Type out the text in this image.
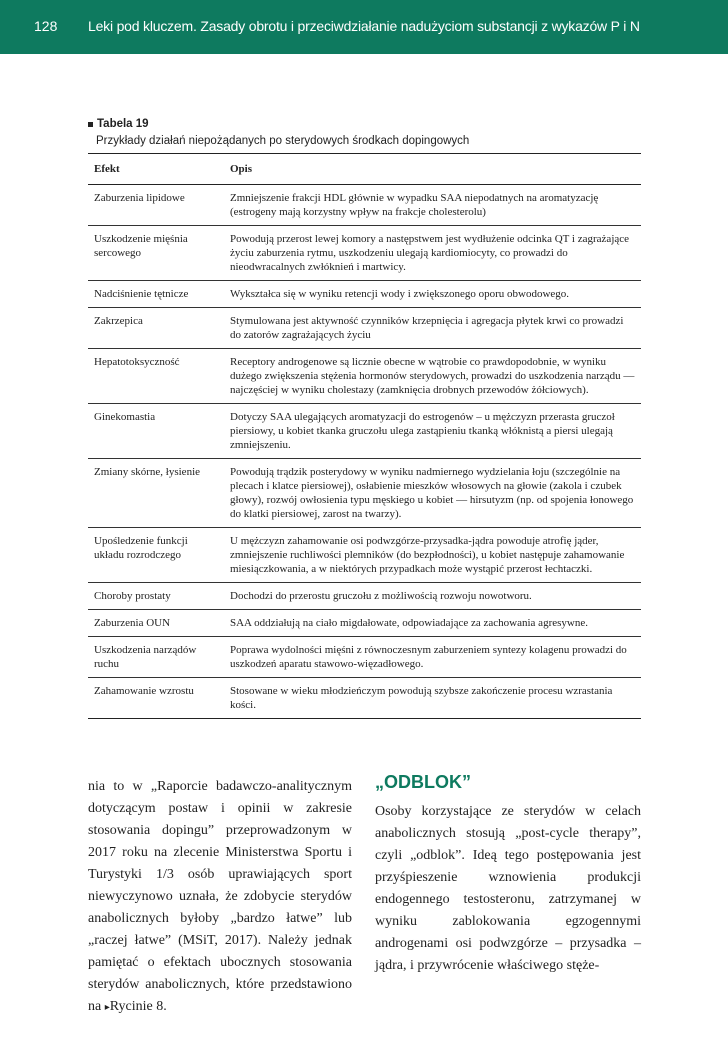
128 Leki pod kluczem. Zasady obrotu i przeciwdziałanie nadużyciom substancji z wykazów P i N
Tabela 19
Przykłady działań niepożądanych po sterydowych środkach dopingowych
Efekt	Opis
Zaburzenia lipidowe	Zmniejszenie frakcji HDL głównie w wypadku SAA niepodatnych na aromatyzację (estrogeny mają korzystny wpływ na frakcje cholesterolu)
Uszkodzenie mięśnia sercowego	Powodują przerost lewej komory a następstwem jest wydłużenie odcinka QT i zagrażające życiu zaburzenia rytmu, uszkodzeniu ulegają kardiomiocyty, co prowadzi do nieodwracalnych zwłóknień i martwicy.
Nadciśnienie tętnicze	Wykształca się w wyniku retencji wody i zwiększonego oporu obwodowego.
Zakrzepica	Stymulowana jest aktywność czynników krzepnięcia i agregacja płytek krwi co prowadzi do zatorów zagrażających życiu
Hepatotoksyczność	Receptory androgenowe są licznie obecne w wątrobie co prawdopodobnie, w wyniku dużego zwiększenia stężenia hormonów sterydowych, prowadzi do uszkodzenia narządu — najczęściej w wyniku cholestazy (zamknięcia drobnych przewodów żółciowych).
Ginekomastia	Dotyczy SAA ulegających aromatyzacji do estrogenów – u mężczyzn przerasta gruczoł piersiowy, u kobiet tkanka gruczołu ulega zastąpieniu tkanką włóknistą a piersi ulegają zmniejszeniu.
Zmiany skórne, łysienie	Powodują trądzik posterydowy w wyniku nadmiernego wydzielania łoju (szczególnie na plecach i klatce piersiowej), osłabienie mieszków włosowych na głowie (zakola i czubek głowy), rozwój owłosienia typu męskiego u kobiet — hirsutyzm (np. od spojenia łonowego do klatki piersiowej, zarost na twarzy).
Upośledzenie funkcji układu rozrodczego	U mężczyzn zahamowanie osi podwzgórze-przysadka-jądra powoduje atrofię jąder, zmniejszenie ruchliwości plemników (do bezpłodności), u kobiet następuje zahamowanie miesiączkowania, a w niektórych przypadkach może wystąpić przerost łechtaczki.
Choroby prostaty	Dochodzi do przerostu gruczołu z możliwością rozwoju nowotworu.
Zaburzenia OUN	SAA oddziałują na ciało migdałowate, odpowiadające za zachowania agresywne.
Uszkodzenia narządów ruchu	Poprawa wydolności mięśni z równoczesnym zaburzeniem syntezy kolagenu prowadzi do uszkodzeń aparatu stawowo-więzadłowego.
Zahamowanie wzrostu	Stosowane w wieku młodzieńczym powodują szybsze zakończenie procesu wzrastania kości.
nia to w „Raporcie badawczo-analitycznym dotyczącym postaw i opinii w zakresie stosowania dopingu” przeprowadzonym w 2017 roku na zlecenie Ministerstwa Sportu i Turystyki 1/3 osób uprawiających sport niewyczynowo uznała, że zdobycie sterydów anabolicznych byłoby „bardzo łatwe” lub „raczej łatwe” (MSiT, 2017). Należy jednak pamiętać o efektach ubocznych stosowania sterydów anabolicznych, które przedstawiono na ▸Rycinie 8.
„ODBLOK”
Osoby korzystające ze sterydów w celach anabolicznych stosują „post-cycle therapy”, czyli „odblok”. Ideą tego postępowania jest przyśpieszenie wznowienia produkcji endogennego testosteronu, zatrzymanej w wyniku zablokowania egzogennymi androgenami osi podwzgórze – przysadka – jądra, i przywrócenie właściwego stęże-
